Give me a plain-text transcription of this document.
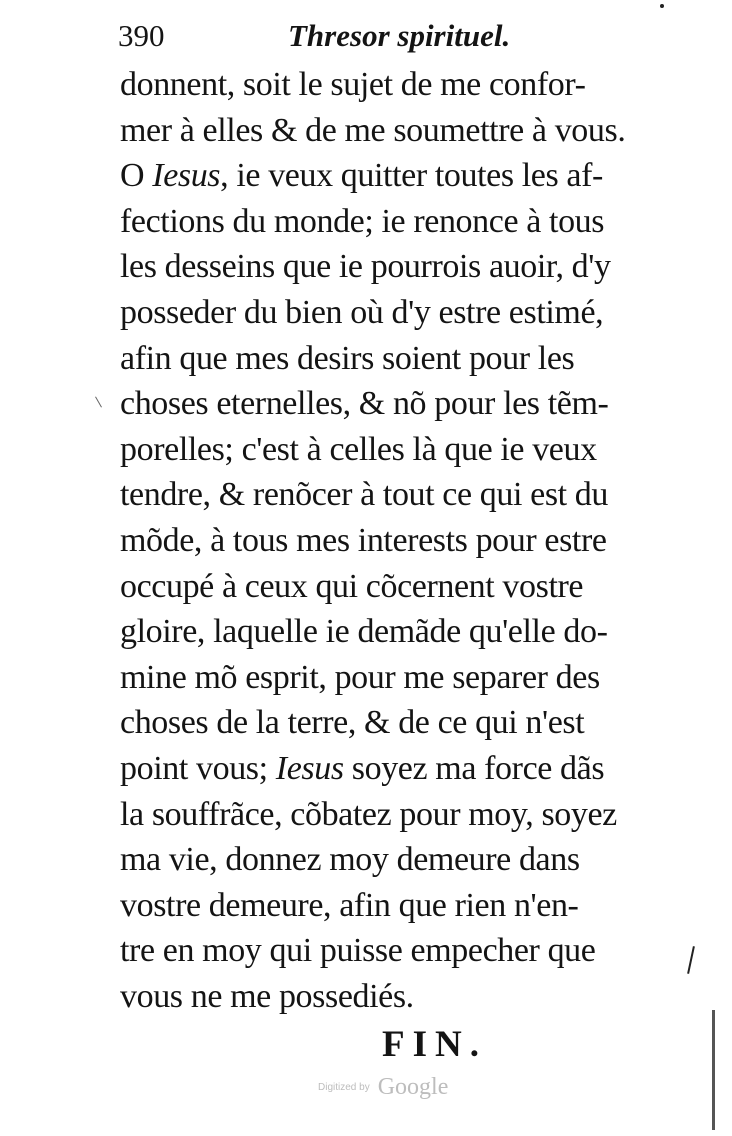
390	Thresor spirituel.
donnent, soit le sujet de me confor-
mer à elles & de me soumettre à vous.
O Iesus, ie veux quitter toutes les af-
fections du monde; ie renonce à tous
les desseins que ie pourrois auoir, d'y
posseder du bien où d'y estre estimé,
afin que mes desirs soient pour les
choses eternelles, & nõ pour les tẽm-
porelles; c'est à celles là que ie veux
tendre, & renõcer à tout ce qui est du
mõde, à tous mes interests pour estre
occupé à ceux qui cõcernent vostre
gloire, laquelle ie demãde qu'elle do-
mine mõ esprit, pour me separer des
choses de la terre, & de ce qui n'est
point vous; Iesus soyez ma force dãs
la souffrãce, cõbatez pour moy, soyez
ma vie, donnez moy demeure dans
vostre demeure, afin que rien n'en-
tre en moy qui puisse empecher que
vous ne me possediés.
FIN.
Digitized by Google
